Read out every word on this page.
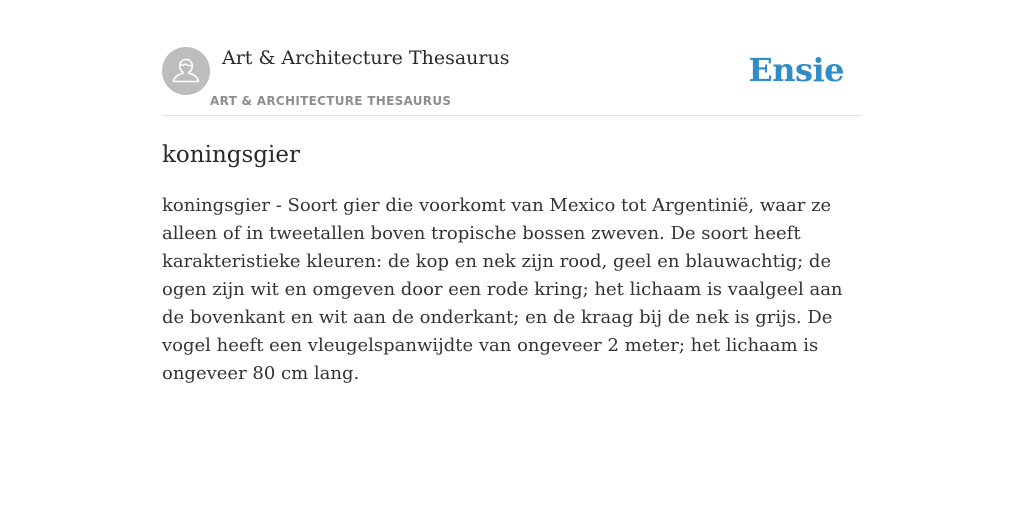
Art & Architecture Thesaurus
ART & ARCHITECTURE THESAURUS
Ensie
koningsgier

koningsgier - Soort gier die voorkomt van Mexico tot Argentinië, waar ze alleen of in tweetallen boven tropische bossen zweven. De soort heeft karakteristieke kleuren: de kop en nek zijn rood, geel en blauwachtig; de ogen zijn wit en omgeven door een rode kring; het lichaam is vaalgeel aan de bovenkant en wit aan de onderkant; en de kraag bij de nek is grijs. De vogel heeft een vleugelspanwijdte van ongeveer 2 meter; het lichaam is ongeveer 80 cm lang.
